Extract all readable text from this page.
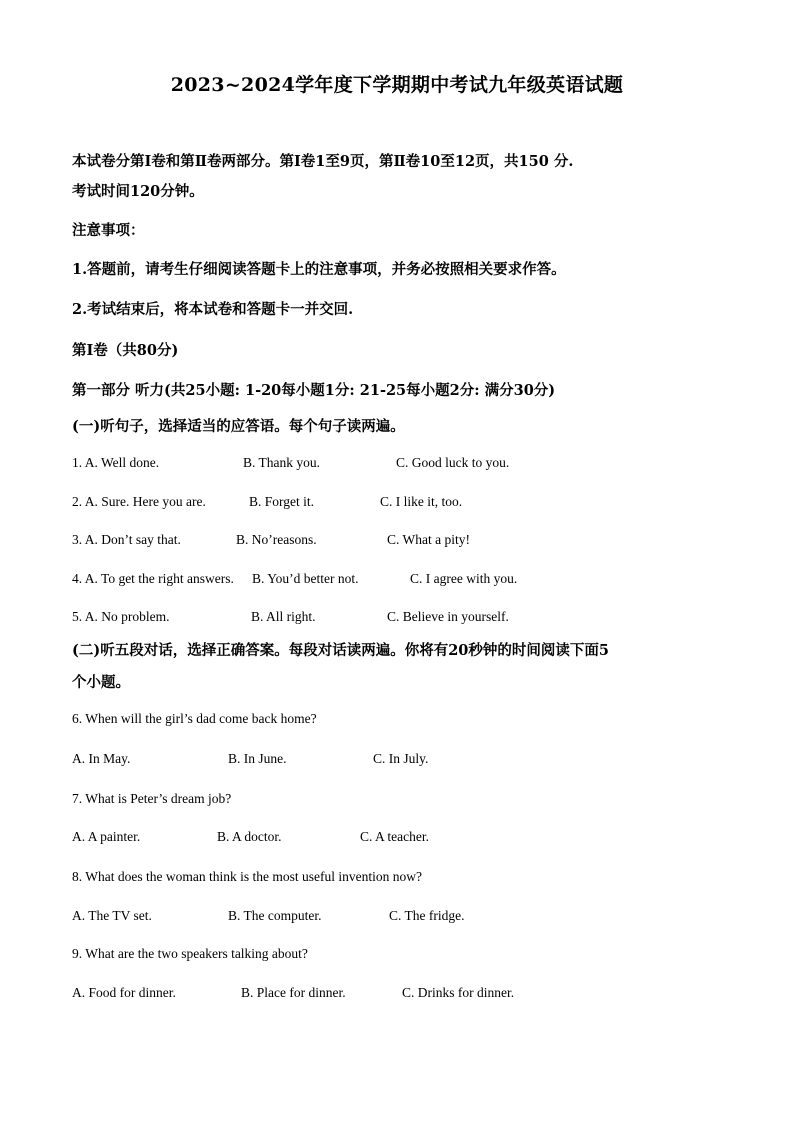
2023~2024学年度下学期期中考试九年级英语试题
本试卷分第Ⅰ卷和第Ⅱ卷两部分。第Ⅰ卷1至9页，第Ⅱ卷10至12页，共150 分.
考试时间120分钟。
注意事项：
1.答题前，请考生仔细阅读答题卡上的注意事项，并务必按照相关要求作答。
2.考试结束后，将本试卷和答题卡一并交回.
第Ⅰ卷（共80分)
第一部分 听力(共25小题: 1-20每小题1分: 21-25每小题2分: 满分30分)
(一)听句子，选择适当的应答语。每个句子读两遍。
1. A. Well done.	B. Thank you.	C. Good luck to you.
2. A. Sure. Here you are.	B. Forget it.	C. I like it, too.
3. A. Don’t say that.	B. No’reasons.	C. What a pity!
4. A. To get the right answers. B. You’d better not.	C. I agree with you.
5. A. No problem.	B. All right.	C. Believe in yourself.
(二)听五段对话，选择正确答案。每段对话读两遍。你将有20秒钟的时间阅读下面5
个小题。
6. When will the girl’s dad come back home?
A. In May.	B. In June.	C. In July.
7. What is Peter’s dream job?
A. A painter.	B. A doctor.	C. A teacher.
8. What does the woman think is the most useful invention now?
A. The TV set.	B. The computer.	C. The fridge.
9. What are the two speakers talking about?
A. Food for dinner.	B. Place for dinner.	C. Drinks for dinner.
